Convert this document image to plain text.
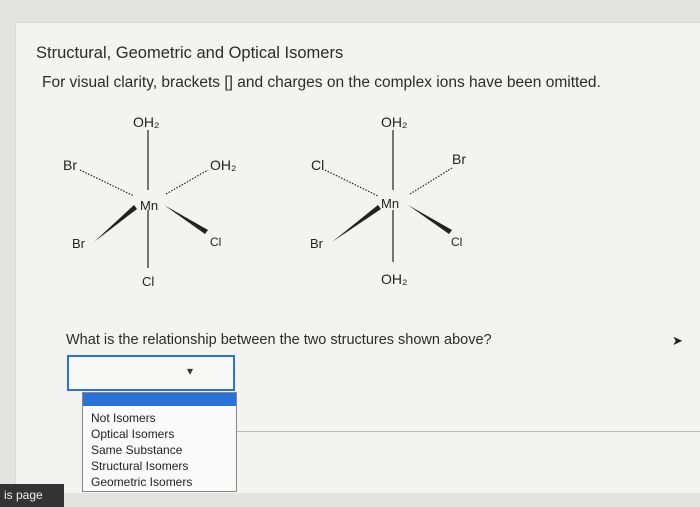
Structural, Geometric and Optical Isomers
For visual clarity, brackets [] and charges on the complex ions have been omitted.
OH₂
Br	OH₂
Mn
Br	Cl
Cl
OH₂
Cl	Br
Mn
Br	Cl
OH₂
What is the relationship between the two structures shown above?	➤
▾
Not Isomers
Optical Isomers
Same Substance
Structural Isomers
Geometric Isomers
is page
